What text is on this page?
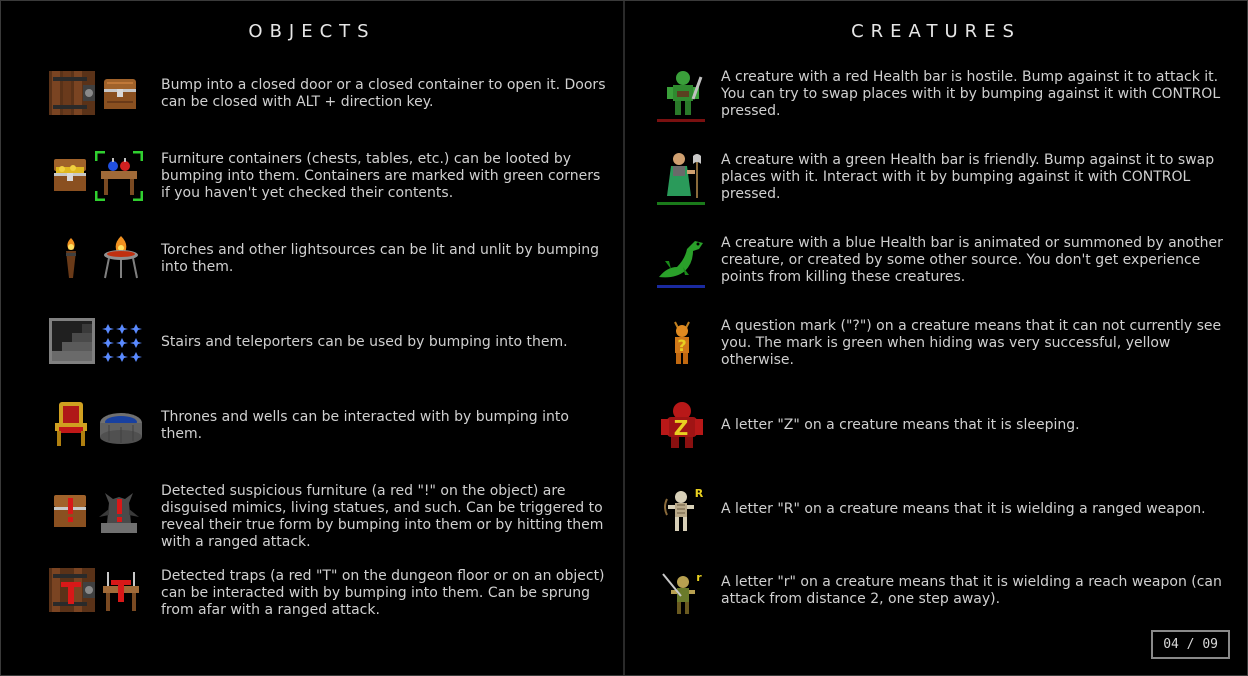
OBJECTS
Bump into a closed door or a closed container to open it. Doors can be closed with ALT + direction key.
Furniture containers (chests, tables, etc.) can be looted by bumping into them. Containers are marked with green corners if you haven't yet checked their contents.
Torches and other lightsources can be lit and unlit by bumping into them.
Stairs and teleporters can be used by bumping into them.
Thrones and wells can be interacted with by bumping into them.
Detected suspicious furniture (a red "!" on the object) are disguised mimics, living statues, and such. Can be triggered to reveal their true form by bumping into them or by hitting them with a ranged attack.
Detected traps (a red "T" on the dungeon floor or on an object) can be interacted with by bumping into them. Can be sprung from afar with a ranged attack.
CREATURES
A creature with a red Health bar is hostile. Bump against it to attack it. You can try to swap places with it by bumping against it with CONTROL pressed.
A creature with a green Health bar is friendly. Bump against it to swap places with it. Interact with it by bumping against it with CONTROL pressed.
A creature with a blue Health bar is animated or summoned by another creature, or created by some other source. You don't get experience points from killing these creatures.
?
A question mark ("?") on a creature means that it can not currently see you. The mark is green when hiding was very successful, yellow otherwise.
Z A letter "Z" on a creature means that it is sleeping.
R
A letter "R" on a creature means that it is wielding a ranged weapon.
r A letter "r" on a creature means that it is wielding a reach weapon (can attack from distance 2, one step away).
04 / 09
